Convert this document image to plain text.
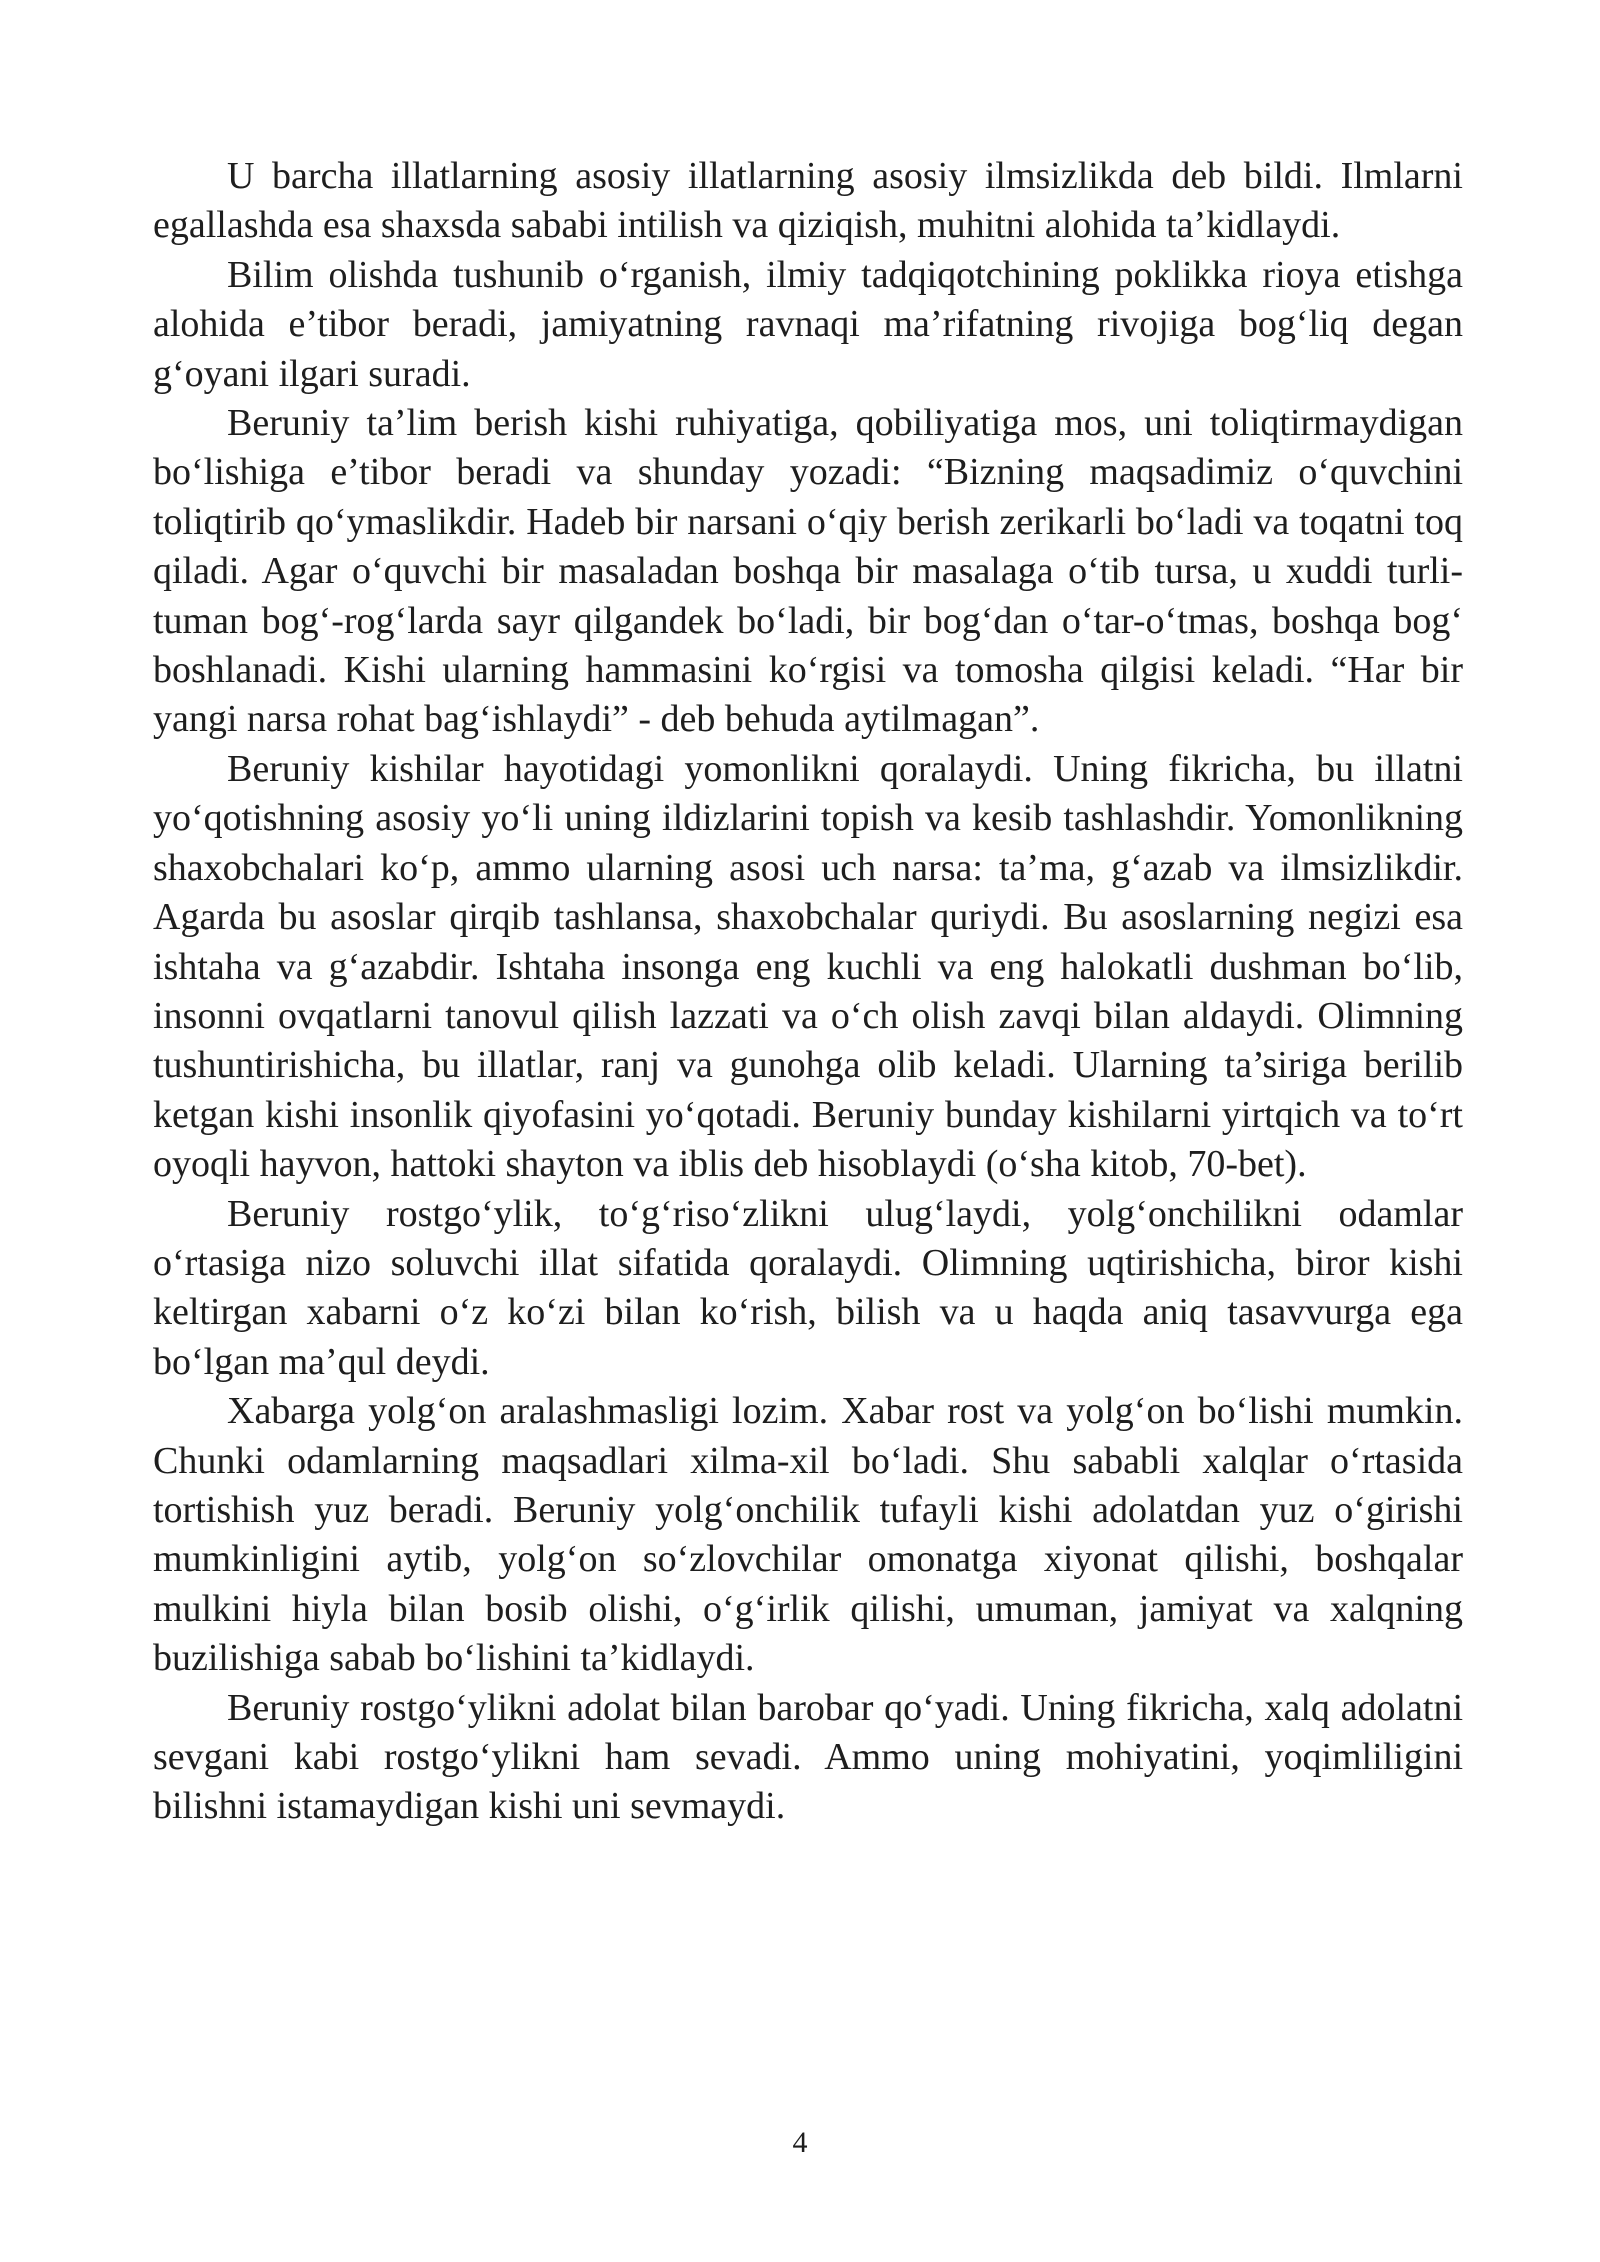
U barcha illatlarning asosiy illatlarning asosiy ilmsizlikda deb bildi. Ilmlarni egallashda esa shaxsda sababi intilish va qiziqish, muhitni alohida ta’kidlaydi.

Bilim olishda tushunib o‘rganish, ilmiy tadqiqotchining poklikka rioya etishga alohida e’tibor beradi, jamiyatning ravnaqi ma’rifatning rivojiga bog‘liq degan g‘oyani ilgari suradi.

Beruniy ta’lim berish kishi ruhiyatiga, qobiliyatiga mos, uni toliqtirmaydigan bo‘lishiga e’tibor beradi va shunday yozadi: “Bizning maqsadimiz o‘quvchini toliqtirib qo‘ymaslikdir. Hadeb bir narsani o‘qiy berish zerikarli bo‘ladi va toqatni toq qiladi. Agar o‘quvchi bir masaladan boshqa bir masalaga o‘tib tursa, u xuddi turli-tuman bog‘-rog‘larda sayr qilgandek bo‘ladi, bir bog‘dan o‘tar-o‘tmas, boshqa bog‘ boshlanadi. Kishi ularning hammasini ko‘rgisi va tomosha qilgisi keladi. “Har bir yangi narsa rohat bag‘ishlaydi” - deb behuda aytilmagan”.

Beruniy kishilar hayotidagi yomonlikni qoralaydi. Uning fikricha, bu illatni yo‘qotishning asosiy yo‘li uning ildizlarini topish va kesib tashlashdir. Yomonlikning shaxobchalari ko‘p, ammo ularning asosi uch narsa: ta’ma, g‘azab va ilmsizlikdir. Agarda bu asoslar qirqib tashlansa, shaxobchalar quriydi. Bu asoslarning negizi esa ishtaha va g‘azabdir. Ishtaha insonga eng kuchli va eng halokatli dushman bo‘lib, insonni ovqatlarni tanovul qilish lazzati va o‘ch olish zavqi bilan aldaydi. Olimning tushuntirishicha, bu illatlar, ranj va gunohga olib keladi. Ularning ta’siriga berilib ketgan kishi insonlik qiyofasini yo‘qotadi. Beruniy bunday kishilarni yirtqich va to‘rt oyoqli hayvon, hattoki shayton va iblis deb hisoblaydi (o‘sha kitob, 70-bet).

Beruniy rostgo‘ylik, to‘g‘riso‘zlikni ulug‘laydi, yolg‘onchilikni odamlar o‘rtasiga nizo soluvchi illat sifatida qoralaydi. Olimning uqtirishicha, biror kishi keltirgan xabarni o‘z ko‘zi bilan ko‘rish, bilish va u haqda aniq tasavvurga ega bo‘lgan ma’qul deydi.

Xabarga yolg‘on aralashmasligi lozim. Xabar rost va yolg‘on bo‘lishi mumkin. Chunki odamlarning maqsadlari xilma-xil bo‘ladi. Shu sababli xalqlar o‘rtasida tortishish yuz beradi. Beruniy yolg‘onchilik tufayli kishi adolatdan yuz o‘girishi mumkinligini aytib, yolg‘on so‘zlovchilar omonatga xiyonat qilishi, boshqalar mulkini hiyla bilan bosib olishi, o‘g‘irlik qilishi, umuman, jamiyat va xalqning buzilishiga sabab bo‘lishini ta’kidlaydi.

Beruniy rostgo‘ylikni adolat bilan barobar qo‘yadi. Uning fikricha, xalq adolatni sevgani kabi rostgo‘ylikni ham sevadi. Ammo uning mohiyatini, yoqimliligini bilishni istamaydigan kishi uni sevmaydi.

4
